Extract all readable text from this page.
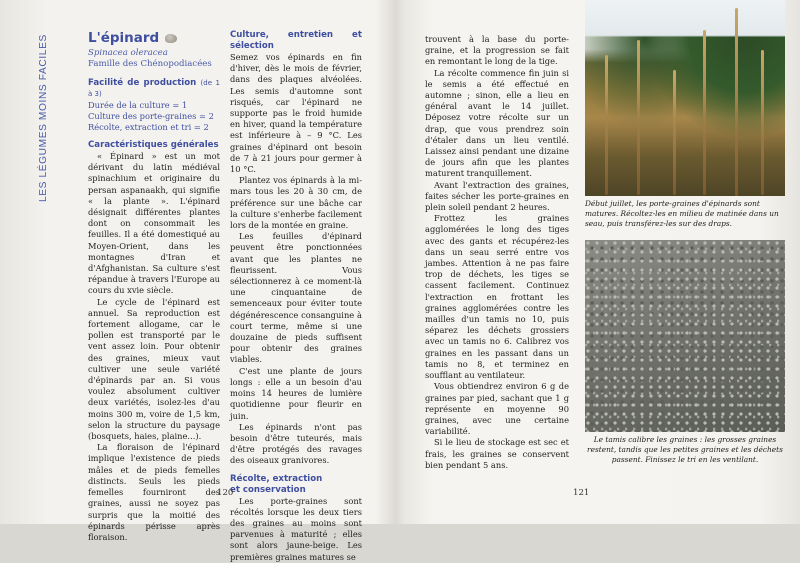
LES LÉGUMES MOINS FACILES	L'épinard
Spinacea oleracea
Famille des Chénopodiacées
Facilité de production (de 1 à 3)
Durée de la culture = 1
Culture des porte-graines = 2
Récolte, extraction et tri = 2
Caractéristiques générales

« Épinard » est un mot dérivant du latin médiéval spinachium et originaire du persan aspanaakh, qui signifie « la plante ». L'épinard désignait différentes plantes dont on consommait les feuilles. Il a été domestiqué au Moyen-Orient, dans les montagnes d'Iran et d'Afghanistan. Sa culture s'est répandue à travers l'Europe au cours du xvie siècle.

Le cycle de l'épinard est annuel. Sa reproduction est fortement allogame, car le pollen est transporté par le vent assez loin. Pour obtenir des graines, mieux vaut cultiver une seule variété d'épinards par an. Si vous voulez absolument cultiver deux variétés, isolez-les d'au moins 300 m, voire de 1,5 km, selon la structure du paysage (bosquets, haies, plaine...).

La floraison de l'épinard implique l'existence de pieds mâles et de pieds femelles distincts. Seuls les pieds femelles fourniront des graines, aussi ne soyez pas surpris que la moitié des épinards périsse après floraison.

Culture, entretien et sélection

Semez vos épinards en fin d'hiver, dès le mois de février, dans des plaques alvéolées. Les semis d'automne sont risqués, car l'épinard ne supporte pas le froid humide en hiver, quand la température est inférieure à – 9 °C. Les graines d'épinard ont besoin de 7 à 21 jours pour germer à 10 °C.

Plantez vos épinards à la mi-mars tous les 20 à 30 cm, de préférence sur une bâche car la culture s'enherbe facilement lors de la montée en graine.

Les feuilles d'épinard peuvent être ponctionnées avant que les plantes ne fleurissent. Vous sélectionnerez à ce moment-là une cinquantaine de semenceaux pour éviter toute dégénérescence consanguine à court terme, même si une douzaine de pieds suffisent pour obtenir des graines viables.

C'est une plante de jours longs : elle a un besoin d'au moins 14 heures de lumière quotidienne pour fleurir en juin.

Les épinards n'ont pas besoin d'être tuteurés, mais d'être protégés des ravages des oiseaux granivores.

Récolte, extraction
et conservation

Les porte-graines sont récoltés lorsque les deux tiers des graines au moins sont parvenues à maturité ; elles sont alors jaune-beige. Les premières graines matures se

120

trouvent à la base du porte-graine, et la progression se fait en remontant le long de la tige.

La récolte commence fin juin si le semis a été effectué en automne ; sinon, elle a lieu en général avant le 14 juillet. Déposez votre récolte sur un drap, que vous prendrez soin d'étaler dans un lieu ventilé. Laissez ainsi pendant une dizaine de jours afin que les plantes maturent tranquillement.

Avant l'extraction des graines, faites sécher les porte-graines en plein soleil pendant 2 heures.

Frottez les graines agglomérées le long des tiges avec des gants et récupérez-les dans un seau serré entre vos jambes. Attention à ne pas faire trop de déchets, les tiges se cassent facilement. Continuez l'extraction en frottant les graines agglomérées contre les mailles d'un tamis no 10, puis séparez les déchets grossiers avec un tamis no 6. Calibrez vos graines en les passant dans un tamis no 8, et terminez en soufflant au ventilateur.

Vous obtiendrez environ 6 g de graines par pied, sachant que 1 g représente en moyenne 90 graines, avec une certaine variabilité.

Si le lieu de stockage est sec et frais, les graines se conservent bien pendant 5 ans.

Début juillet, les porte-graines d'épinards sont matures. Récoltez-les en milieu de matinée dans un seau, puis transférez-les sur des draps.
Le tamis calibre les graines : les grosses graines restent, tandis que les petites graines et les déchets passent. Finissez le tri en les ventilant.
121
